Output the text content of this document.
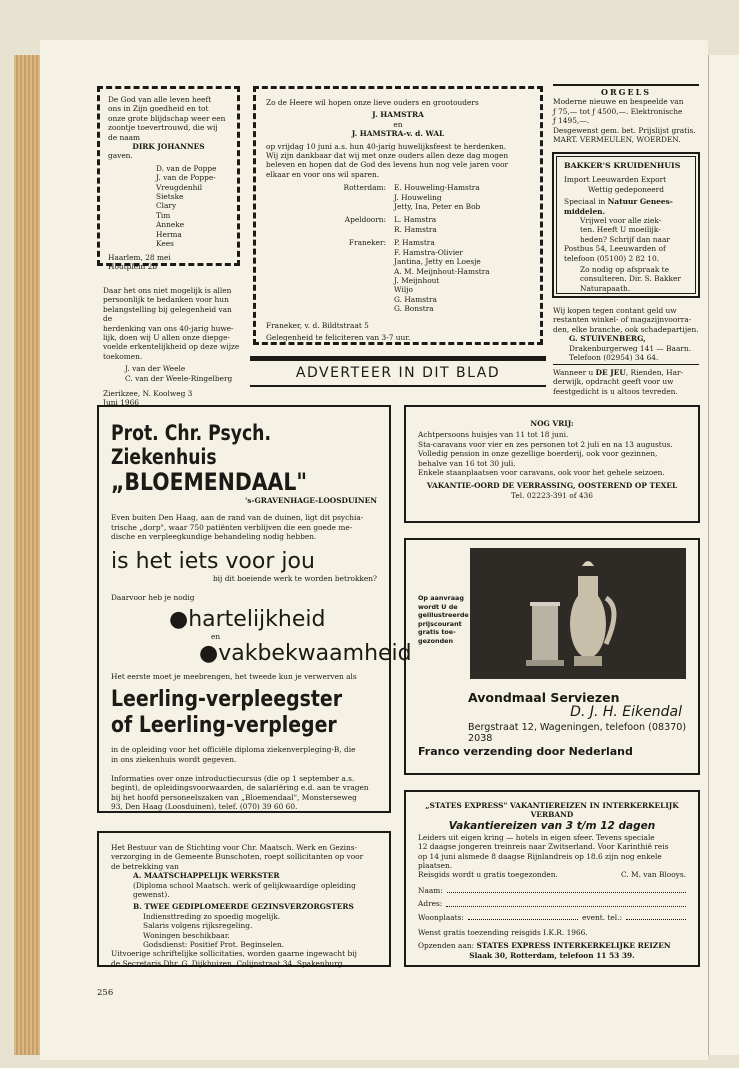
De God van alle leven heeft
ons in Zijn goedheid en tot
onze grote blijdschap weer een
zoontje toevertrouwd, die wij
de naam
DIRK JOHANNES
gaven.
D. van de Poppe
J. van de Poppe-
Vreugdenhil
Sietske
Clary
Tim
Anneke
Herma
Kees
Haarlem, 28 mei
Houtplein 2b
Daar het ons niet mogelijk is allen
persoonlijk te bedanken voor hun
belangstelling bij gelegenheid van de
herdenking van ons 40-jarig huwe-
lijk, doen wij U allen onze diepge-
voelde erkentelijkheid op deze wijze
toekomen.
J. van der Weele
C. van der Weele-Ringelberg
Zierikzee, N. Koolweg 3
Juni 1966
Zo de Heere wil hopen onze lieve ouders en grootouders
J. HAMSTRA
en
J. HAMSTRA-v. d. WAL
op vrijdag 10 juni a.s. hun 40-jarig huwelijksfeest te herdenken.
Wij zijn dankbaar dat wij met onze ouders allen deze dag mogen
beleven en hopen dat de God des levens hun nog vele jaren voor
elkaar en voor ons wil sparen.
Rotterdam:	E. Houweling-Hamstra
J. Houweling
Jetty, Ina, Peter en Bob
Apeldoorn:	L. Hamstra
R. Hamstra
Franeker:	P. Hamstra
F. Hamstra-Olivier
Jantina, Jetty en Loesje
A. M. Meijnhout-Hamstra
J. Meijnhout
Wiljo
G. Hamstra
G. Bonstra
Franeker, v. d. Bildtstraat 5
Gelegenheid te feliciteren van 3-7 uur.
ADVERTEER IN DIT BLAD
ORGELS
Moderne nieuwe en bespeelde van
ƒ 75,— tot ƒ 4500,—. Elektronische
ƒ 1495,—.
Desgewenst gem. bet. Prijslijst gratis.
MART. VERMEULEN, WOERDEN.
BAKKER'S KRUIDENHUIS
Import Leeuwarden Export
Wettig gedeponeerd
Speciaal in Natuur Genees-
middelen.
Vrijwel voor alle ziek-
ten. Heeft U moeilijk-
heden? Schrijf dan naar
Postbus 54, Leeuwarden of
telefoon (05100) 2 82 10.
Zo nodig op afspraak te
consulteren. Dir. S. Bakker
Naturapaath.
Wij kopen tegen contant geld uw
restanten winkel- of magazijnvoorra-
den, elke branche, ook schadepartijen.
G. STUIVENBERG,
Drakenburgerweg 141 — Baarn.
Telefoon (02954) 34 64.
Wanneer u DE JEU, Rienden, Har-
derwijk, opdracht geeft voor uw
feestgedicht is u altoos tevreden.
Prot. Chr. Psych. Ziekenhuis
„BLOEMENDAAL"
's-GRAVENHAGE-LOOSDUINEN
Even buiten Den Haag, aan de rand van de duinen, ligt dit psychia-
trische „dorp", waar 750 patiënten verblijven die een goede me-
dische en verpleegkundige behandeling nodig hebben.
is het iets voor jou
bij dit boeiende werk te worden betrokken?
Daarvoor heb je nodig
●hartelijkheid
en
●vakbekwaamheid
Het eerste moet je meebrengen, het tweede kun je verwerven als
Leerling-verpleegster
of Leerling-verpleger
in de opleiding voor het officiële diploma ziekenverpleging-B, die
in ons ziekenhuis wordt gegeven.
Informaties over onze introductiecursus (die op 1 september a.s.
begint), de opleidingsvoorwaarden, de salariëring e.d. aan te vragen
bij het hoofd personeelszaken van „Bloemendaal", Monsterseweg
93, Den Haag (Loosduinen), telef. (070) 39 60 60.
Het Bestuur van de Stichting voor Chr. Maatsch. Werk en Gezins-
verzorging in de Gemeente Bunschoten, roept sollicitanten op voor
de betrekking van
A. MAATSCHAPPELIJK WERKSTER
(Diploma school Maatsch. werk of gelijkwaardige opleiding
gewenst).
B. TWEE GEDIPLOMEERDE GEZINSVERZORGSTERS
Indiensttreding zo spoedig mogelijk.
Salaris volgens rijksregeling.
Woningen beschikbaar.
Godsdienst: Positief Prot. Beginselen.
Uitvoerige schriftelijke sollicitaties, worden gaarne ingewacht bij
de Secretaris Dhr. G. Dijkhuizen, Colijnstraat 34, Spakenburg.
NOG VRIJ:
Achtpersoons huisjes van 11 tot 18 juni.
Sta-caravans voor vier en zes personen tot 2 juli en na 13 augustus.
Volledig pension in onze gezellige boerderij, ook voor gezinnen,
behalve van 16 tot 30 juli.
Enkele staanplaatsen voor caravans, ook voor het gehele seizoen.
VAKANTIE-OORD DE VERRASSING, OOSTEREND OP TEXEL
Tel. 02223-391 of 436
Op aanvraag
wordt U de
geïllustreerde
prijscourant
gratis toe-
gezonden
Avondmaal Serviezen
D. J. H. Eikendal
Bergstraat 12, Wageningen, telefoon (08370) 2038
Franco verzending door Nederland
„STATES EXPRESS" VAKANTIEREIZEN IN INTERKERKELIJK
VERBAND
Vakantiereizen van 3 t/m 12 dagen
Leiders uit eigen kring — hotels in eigen sfeer. Tevens speciale
12 daagse jongeren treinreis naar Zwitserland. Voor Karinthië reis
op 14 juni alsmede 8 daagse Rijnlandreis op 18.6 zijn nog enkele
plaatsen.
Reisgids wordt u gratis toegezonden.	C. M. van Blooys.
Naam:
Adres:
Woonplaats:	event. tel.:
Wenst gratis toezending reisgids I.K.R. 1966.
Opzenden aan: STATES EXPRESS INTERKERKELIJKE REIZEN
Slaak 30, Rotterdam, telefoon 11 53 39.
256
